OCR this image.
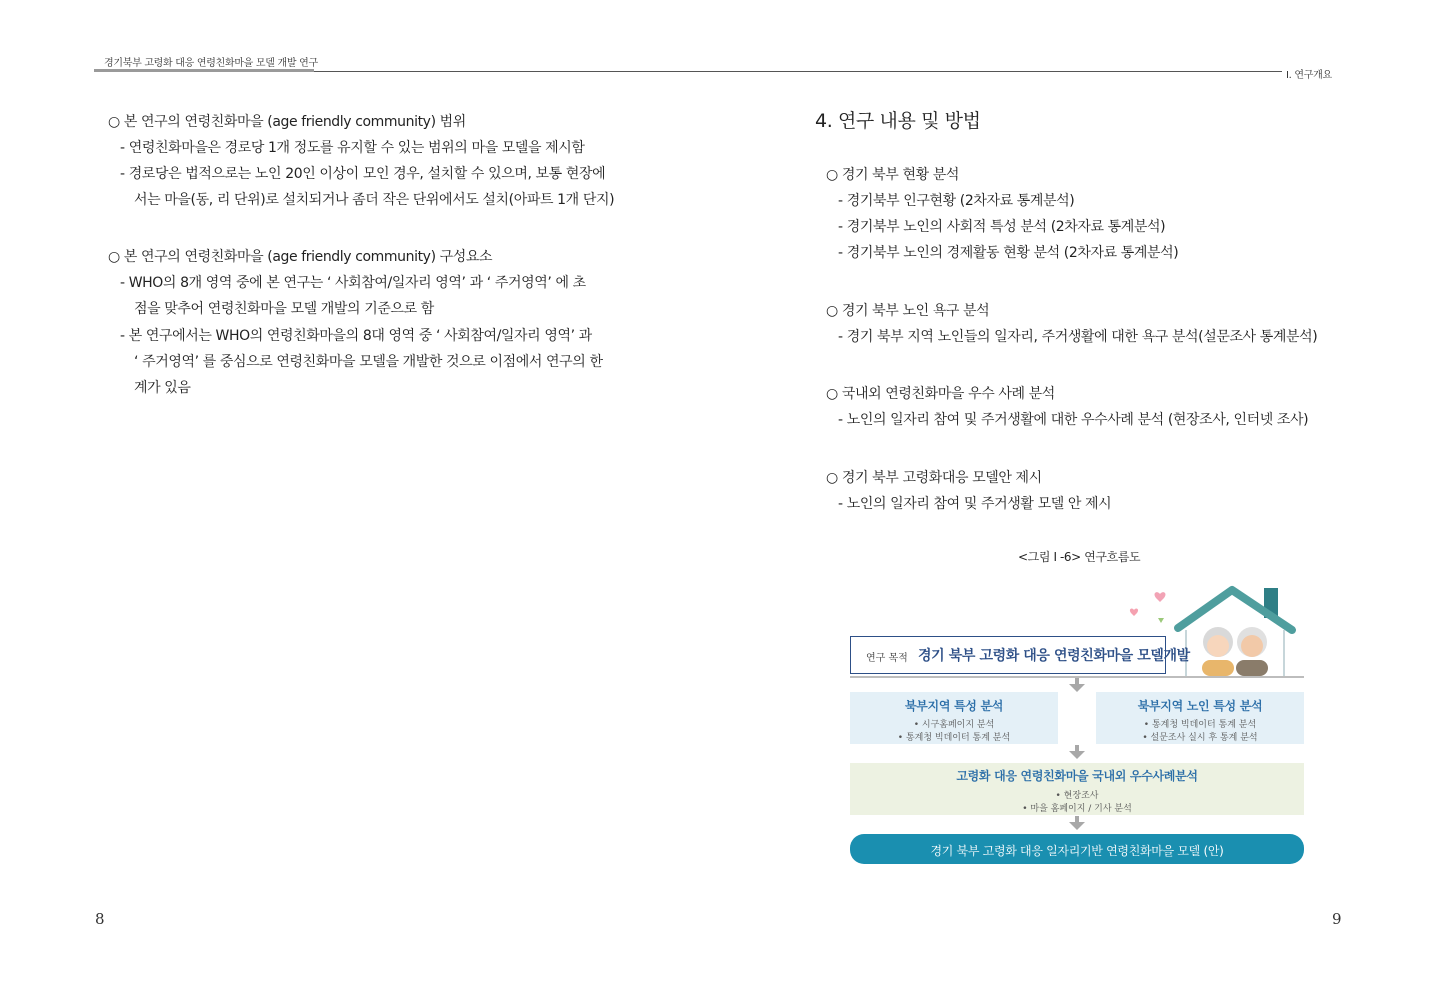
경기북부 고령화 대응 연령친화마을 모델 개발 연구
Ⅰ. 연구개요
○ 본 연구의 연령친화마을 (age friendly community) 범위
- 연령친화마을은 경로당 1개 정도를 유지할 수 있는 범위의 마을 모델을 제시함
- 경로당은 법적으로는 노인 20인 이상이 모인 경우, 설치할 수 있으며, 보통 현장에
서는 마을(동, 리 단위)로 설치되거나 좀더 작은 단위에서도 설치(아파트 1개 단지)
○ 본 연구의 연령친화마을 (age friendly community) 구성요소
- WHO의 8개 영역 중에 본 연구는 ‘ 사회참여/일자리 영역’ 과 ‘ 주거영역’ 에 초
점을 맞추어 연령친화마을 모델 개발의 기준으로 함
- 본 연구에서는 WHO의 연령친화마을의 8대 영역 중 ‘ 사회참여/일자리 영역’ 과
‘ 주거영역’ 를 중심으로 연령친화마을 모델을 개발한 것으로 이점에서 연구의 한
계가 있음
8
4. 연구 내용 및 방법
○ 경기 북부 현황 분석
- 경기북부 인구현황 (2차자료 통계분석)
- 경기북부 노인의 사회적 특성 분석 (2차자료 통계분석)
- 경기북부 노인의 경제활동 현황 분석 (2차자료 통계분석)
○ 경기 북부 노인 욕구 분석
- 경기 북부 지역 노인들의 일자리, 주거생활에 대한 욕구 분석(설문조사 통계분석)
○ 국내외 연령친화마을 우수 사례 분석
- 노인의 일자리 참여 및 주거생활에 대한 우수사례 분석 (현장조사, 인터넷 조사)
○ 경기 북부 고령화대응 모델안 제시
- 노인의 일자리 참여 및 주거생활 모델 안 제시
<그림 Ⅰ -6> 연구흐름도
연구 목적 경기 북부 고령화 대응 연령친화마을 모델개발
북부지역 특성 분석
• 시구홈페이지 분석
• 통계청 빅데이터 통계 분석
북부지역 노인 특성 분석
• 통계청 빅데이터 통계 분석
• 설문조사 실시 후 통계 분석
고령화 대응 연령친화마을 국내외 우수사례분석
• 현장조사
• 마을 홈페이지 / 기사 분석
경기 북부 고령화 대응 일자리기반 연령친화마을 모델 (안)
9
